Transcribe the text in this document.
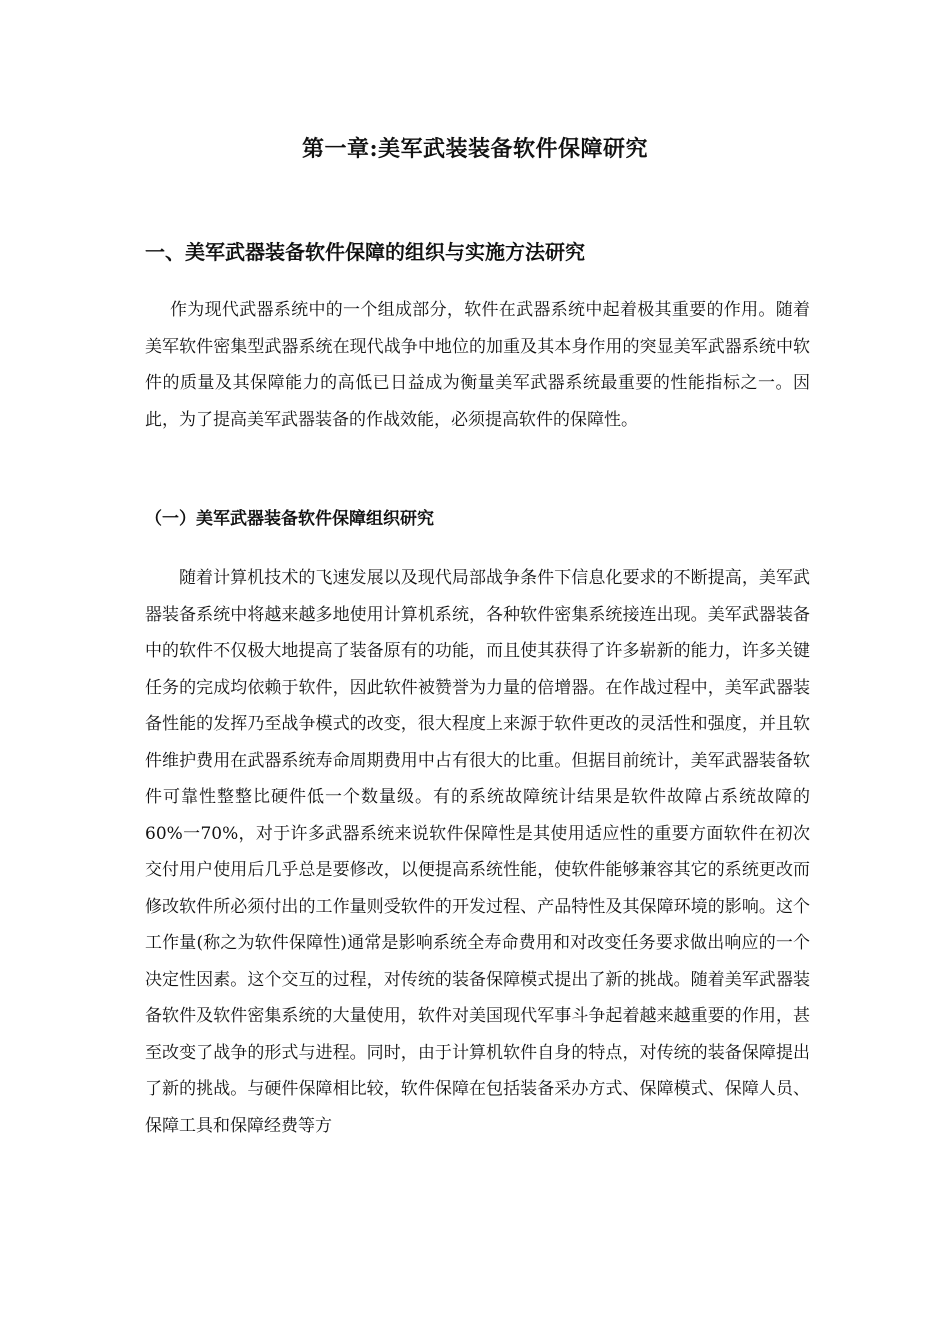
第一章:美军武装装备软件保障研究
一、美军武器装备软件保障的组织与实施方法研究

作为现代武器系统中的一个组成部分，软件在武器系统中起着极其重要的作用。随着美军软件密集型武器系统在现代战争中地位的加重及其本身作用的突显美军武器系统中软件的质量及其保障能力的高低已日益成为衡量美军武器系统最重要的性能指标之一。因此，为了提高美军武器装备的作战效能，必须提高软件的保障性。

（一）美军武器装备软件保障组织研究

随着计算机技术的飞速发展以及现代局部战争条件下信息化要求的不断提高，美军武器装备系统中将越来越多地使用计算机系统，各种软件密集系统接连出现。美军武器装备中的软件不仅极大地提高了装备原有的功能，而且使其获得了许多崭新的能力，许多关键任务的完成均依赖于软件，因此软件被赞誉为力量的倍增器。在作战过程中，美军武器装备性能的发挥乃至战争模式的改变，很大程度上来源于软件更改的灵活性和强度，并且软件维护费用在武器系统寿命周期费用中占有很大的比重。但据目前统计，美军武器装备软件可靠性整整比硬件低一个数量级。有的系统故障统计结果是软件故障占系统故障的60%一70%，对于许多武器系统来说软件保障性是其使用适应性的重要方面软件在初次交付用户使用后几乎总是要修改，以便提高系统性能，使软件能够兼容其它的系统更改而修改软件所必须付出的工作量则受软件的开发过程、产品特性及其保障环境的影响。这个工作量(称之为软件保障性)通常是影响系统全寿命费用和对改变任务要求做出响应的一个决定性因素。这个交互的过程，对传统的装备保障模式提出了新的挑战。随着美军武器装备软件及软件密集系统的大量使用，软件对美国现代军事斗争起着越来越重要的作用，甚至改变了战争的形式与进程。同时，由于计算机软件自身的特点，对传统的装备保障提出了新的挑战。与硬件保障相比较，软件保障在包括装备采办方式、保障模式、保障人员、保障工具和保障经费等方
